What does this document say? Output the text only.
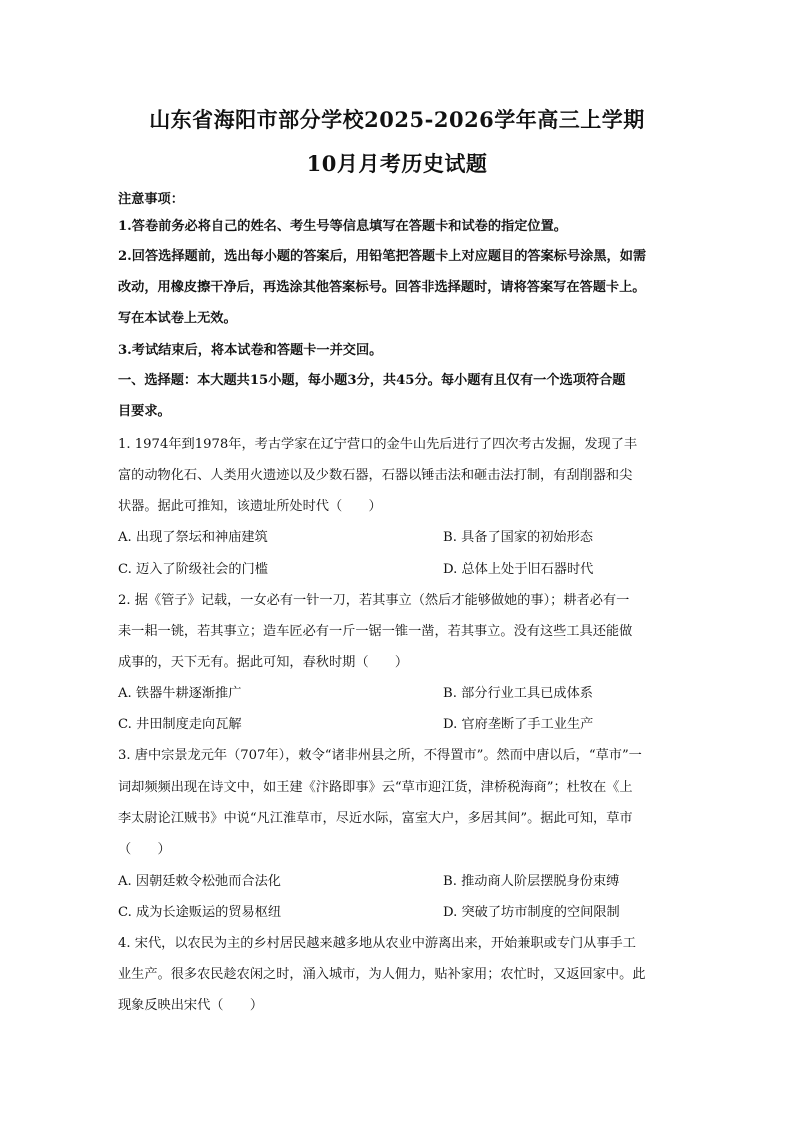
山东省海阳市部分学校2025-2026学年高三上学期
10月月考历史试题
注意事项：
1.答卷前务必将自己的姓名、考生号等信息填写在答题卡和试卷的指定位置。
2.回答选择题前，选出每小题的答案后，用铅笔把答题卡上对应题目的答案标号涂黑，如需
改动，用橡皮擦干净后，再选涂其他答案标号。回答非选择题时，请将答案写在答题卡上。
写在本试卷上无效。
3.考试结束后，将本试卷和答题卡一并交回。
一、选择题：本大题共15小题，每小题3分，共45分。每小题有且仅有一个选项符合题
目要求。
1. 1974年到1978年，考古学家在辽宁营口的金牛山先后进行了四次考古发掘，发现了丰
富的动物化石、人类用火遗迹以及少数石器，石器以锤击法和砸击法打制，有刮削器和尖
状器。据此可推知，该遗址所处时代（　　）
A. 出现了祭坛和神庙建筑	B. 具备了国家的初始形态
C. 迈入了阶级社会的门槛	D. 总体上处于旧石器时代
2. 据《管子》记载，一女必有一针一刀，若其事立（然后才能够做她的事）；耕者必有一
耒一耜一铫，若其事立；造车匠必有一斤一锯一锥一凿，若其事立。没有这些工具还能做
成事的，天下无有。据此可知，春秋时期（　　）
A. 铁器牛耕逐渐推广	B. 部分行业工具已成体系
C. 井田制度走向瓦解	D. 官府垄断了手工业生产
3. 唐中宗景龙元年（707年），敕令“诸非州县之所，不得置市”。然而中唐以后，“草市”一
词却频频出现在诗文中，如王建《汴路即事》云“草市迎江货，津桥税海商”；杜牧在《上
李太尉论江贼书》中说“凡江淮草市，尽近水际，富室大户，多居其间”。据此可知，草市
（　　）
A. 因朝廷敕令松弛而合法化	B. 推动商人阶层摆脱身份束缚
C. 成为长途贩运的贸易枢纽	D. 突破了坊市制度的空间限制
4. 宋代，以农民为主的乡村居民越来越多地从农业中游离出来，开始兼职或专门从事手工
业生产。很多农民趁农闲之时，涌入城市，为人佣力，贴补家用；农忙时，又返回家中。此
现象反映出宋代（　　）
